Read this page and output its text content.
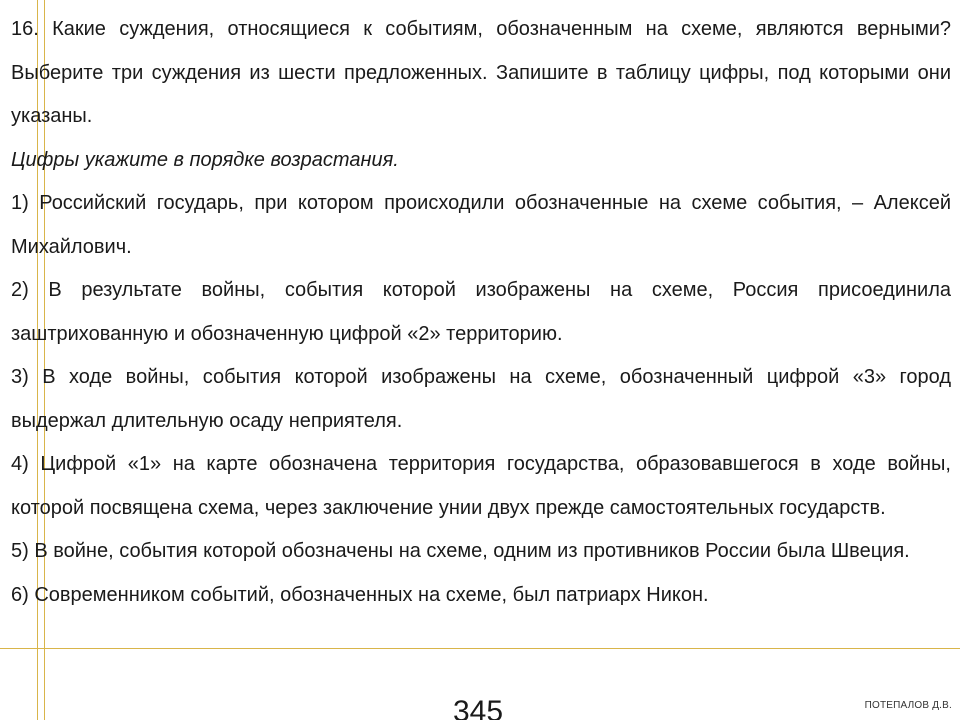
16. Какие суждения, относящиеся к событиям, обозначенным на схеме, являются верными? Выберите три суждения из шести предложенных. Запишите в таблицу цифры, под которыми они указаны.

Цифры укажите в порядке возрастания.

1) Российский государь, при котором происходили обозначенные на схеме события, – Алексей Михайлович.

2) В результате войны, события которой изображены на схеме, Россия присоединила заштрихованную и обозначенную цифрой «2» территорию.

3) В ходе войны, события которой изображены на схеме, обозначенный цифрой «3» город выдержал длительную осаду неприятеля.

4) Цифрой «1» на карте обозначена территория государства, образовавшегося в ходе войны, которой посвящена схема, через заключение унии двух прежде самостоятельных государств.

5) В войне, события которой обозначены на схеме, одним из противников России была Швеция.

6) Современником событий, обозначенных на схеме, был патриарх Никон.

345	ПОТЕПАЛОВ Д.В.
